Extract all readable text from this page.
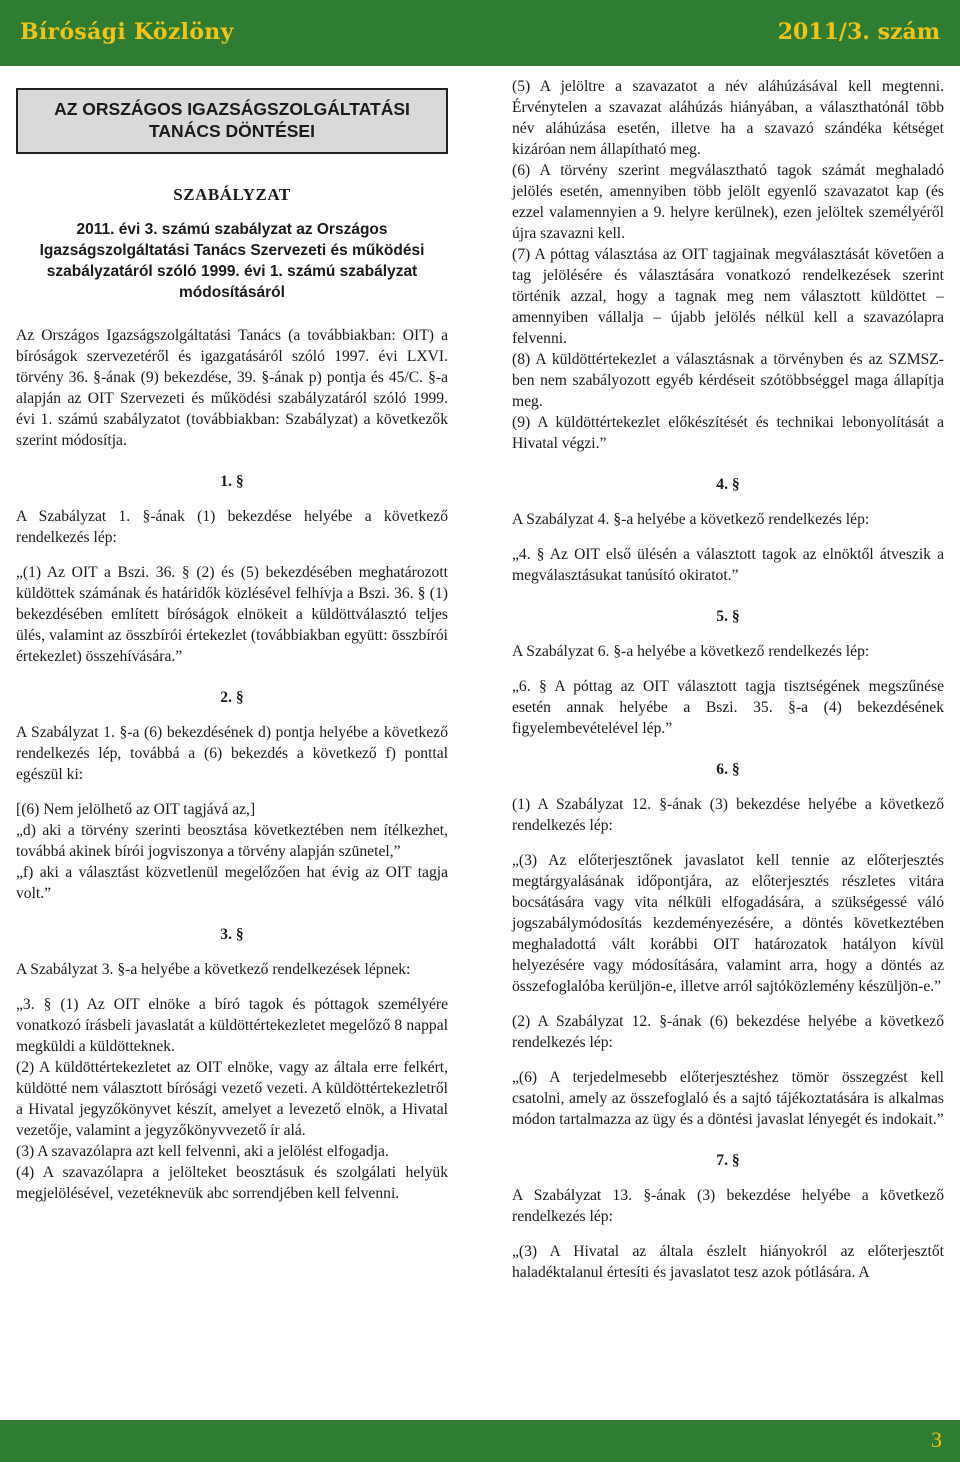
Bírósági Közlöny	2011/3. szám
AZ ORSZÁGOS IGAZSÁGSZOLGÁLTATÁSI TANÁCS DÖNTÉSEI
SZABÁLYZAT
2011. évi 3. számú szabályzat az Országos Igazságszolgáltatási Tanács Szervezeti és működési szabályzatáról szóló 1999. évi 1. számú szabályzat módosításáról

Az Országos Igazságszolgáltatási Tanács (a továbbiakban: OIT) a bíróságok szervezetéről és igazgatásáról szóló 1997. évi LXVI. törvény 36. §-ának (9) bekezdése, 39. §-ának p) pontja és 45/C. §-a alapján az OIT Szervezeti és működési szabályzatáról szóló 1999. évi 1. számú szabályzatot (továbbiakban: Szabályzat) a következők szerint módosítja.

1. §

A Szabályzat 1. §-ának (1) bekezdése helyébe a következő rendelkezés lép:

„(1) Az OIT a Bszi. 36. § (2) és (5) bekezdésében meghatározott küldöttek számának és határidők közlésével felhívja a Bszi. 36. § (1) bekezdésében említett bíróságok elnökeit a küldöttválasztó teljes ülés, valamint az összbírói értekezlet (továbbiakban együtt: összbírói értekezlet) összehívására.”

2. §

A Szabályzat 1. §-a (6) bekezdésének d) pontja helyébe a következő rendelkezés lép, továbbá a (6) bekezdés a következő f) ponttal egészül ki:

[(6) Nem jelölhető az OIT tagjává az,]

„d) aki a törvény szerinti beosztása következtében nem ítélkezhet, továbbá akinek bírói jogviszonya a törvény alapján szünetel,”

„f) aki a választást közvetlenül megelőzően hat évig az OIT tagja volt.”

3. §

A Szabályzat 3. §-a helyébe a következő rendelkezések lépnek:

„3. § (1) Az OIT elnöke a bíró tagok és póttagok személyére vonatkozó írásbeli javaslatát a küldöttértekezletet megelőző 8 nappal megküldi a küldötteknek.

(2) A küldöttértekezletet az OIT elnöke, vagy az általa erre felkért, küldötté nem választott bírósági vezető vezeti. A küldöttértekezletről a Hivatal jegyzőkönyvet készít, amelyet a levezető elnök, a Hivatal vezetője, valamint a jegyzőkönyvvezető ír alá.

(3) A szavazólapra azt kell felvenni, aki a jelölést elfogadja.

(4) A szavazólapra a jelölteket beosztásuk és szolgálati helyük megjelölésével, vezetéknevük abc sorrendjében kell felvenni.

(5) A jelöltre a szavazatot a név aláhúzásával kell megtenni. Érvénytelen a szavazat aláhúzás hiányában, a választhatónál több név aláhúzása esetén, illetve ha a szavazó szándéka kétséget kizáróan nem állapítható meg.

(6) A törvény szerint megválasztható tagok számát meghaladó jelölés esetén, amennyiben több jelölt egyenlő szavazatot kap (és ezzel valamennyien a 9. helyre kerülnek), ezen jelöltek személyéről újra szavazni kell.

(7) A póttag választása az OIT tagjainak megválasztását követően a tag jelölésére és választására vonatkozó rendelkezések szerint történik azzal, hogy a tagnak meg nem választott küldöttet – amennyiben vállalja – újabb jelölés nélkül kell a szavazólapra felvenni.

(8) A küldöttértekezlet a választásnak a törvényben és az SZMSZ-ben nem szabályozott egyéb kérdéseit szótöbbséggel maga állapítja meg.

(9) A küldöttértekezlet előkészítését és technikai lebonyolítását a Hivatal végzi.”

4. §

A Szabályzat 4. §-a helyébe a következő rendelkezés lép:

„4. § Az OIT első ülésén a választott tagok az elnöktől átveszik a megválasztásukat tanúsító okiratot.”

5. §

A Szabályzat 6. §-a helyébe a következő rendelkezés lép:

„6. § A póttag az OIT választott tagja tisztségének megszűnése esetén annak helyébe a Bszi. 35. §-a (4) bekezdésének figyelembevételével lép.”

6. §

(1) A Szabályzat 12. §-ának (3) bekezdése helyébe a következő rendelkezés lép:

„(3) Az előterjesztőnek javaslatot kell tennie az előterjesztés megtárgyalásának időpontjára, az előterjesztés részletes vitára bocsátására vagy vita nélküli elfogadására, a szükségessé váló jogszabálymódosítás kezdeményezésére, a döntés következtében meghaladottá vált korábbi OIT határozatok hatályon kívül helyezésére vagy módosítására, valamint arra, hogy a döntés az összefoglalóba kerüljön-e, illetve arról sajtóközlemény készüljön-e.”

(2) A Szabályzat 12. §-ának (6) bekezdése helyébe a következő rendelkezés lép:

„(6) A terjedelmesebb előterjesztéshez tömör összegzést kell csatolni, amely az összefoglaló és a sajtó tájékoztatására is alkalmas módon tartalmazza az ügy és a döntési javaslat lényegét és indokait.”

7. §

A Szabályzat 13. §-ának (3) bekezdése helyébe a következő rendelkezés lép:

„(3) A Hivatal az általa észlelt hiányokról az előterjesztőt haladéktalanul értesíti és javaslatot tesz azok pótlására. A

3
